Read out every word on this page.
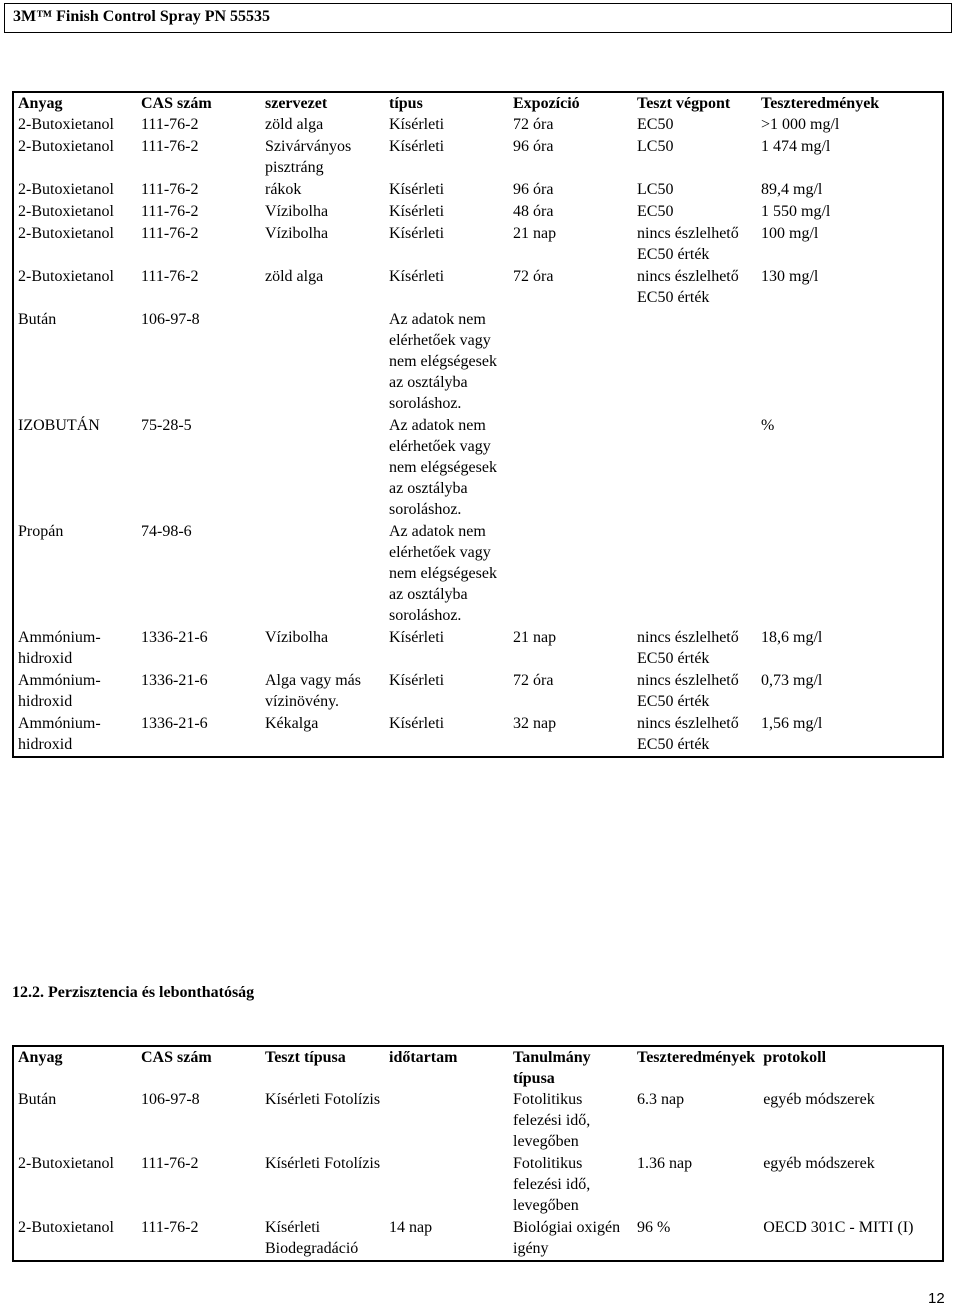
3M™ Finish Control Spray PN 55535
Anyag	CAS szám	szervezet	típus	Expozíció	Teszt végpont	Teszteredmények
2-Butoxietanol	111-76-2	zöld alga	Kísérleti	72 óra	EC50	>1 000 mg/l
2-Butoxietanol	111-76-2	Szivárványos pisztráng	Kísérleti	96 óra	LC50	1 474 mg/l
2-Butoxietanol	111-76-2	rákok	Kísérleti	96 óra	LC50	89,4 mg/l
2-Butoxietanol	111-76-2	Vízibolha	Kísérleti	48 óra	EC50	1 550 mg/l
2-Butoxietanol	111-76-2	Vízibolha	Kísérleti	21 nap	nincs észlelhető EC50 érték	100 mg/l
2-Butoxietanol	111-76-2	zöld alga	Kísérleti	72 óra	nincs észlelhető EC50 érték	130 mg/l
Bután	106-97-8		Az adatok nem elérhetőek vagy nem elégségesek az osztályba soroláshoz.			
IZOBUTÁN	75-28-5		Az adatok nem elérhetőek vagy nem elégségesek az osztályba soroláshoz.			%
Propán	74-98-6		Az adatok nem elérhetőek vagy nem elégségesek az osztályba soroláshoz.			
Ammónium-hidroxid	1336-21-6	Vízibolha	Kísérleti	21 nap	nincs észlelhető EC50 érték	18,6 mg/l
Ammónium-hidroxid	1336-21-6	Alga vagy más vízinövény.	Kísérleti	72 óra	nincs észlelhető EC50 érték	0,73 mg/l
Ammónium-hidroxid	1336-21-6	Kékalga	Kísérleti	32 nap	nincs észlelhető EC50 érték	1,56 mg/l
12.2. Perzisztencia és lebonthatóság
Anyag	CAS szám	Teszt típusa	időtartam	Tanulmány típusa	Teszteredmények	protokoll
Bután	106-97-8	Kísérleti Fotolízis		Fotolitikus felezési idő, levegőben	6.3 nap	egyéb módszerek
2-Butoxietanol	111-76-2	Kísérleti Fotolízis		Fotolitikus felezési idő, levegőben	1.36 nap	egyéb módszerek
2-Butoxietanol	111-76-2	Kísérleti Biodegradáció	14 nap	Biológiai oxigén igény	96 %	OECD 301C - MITI (I)
12
